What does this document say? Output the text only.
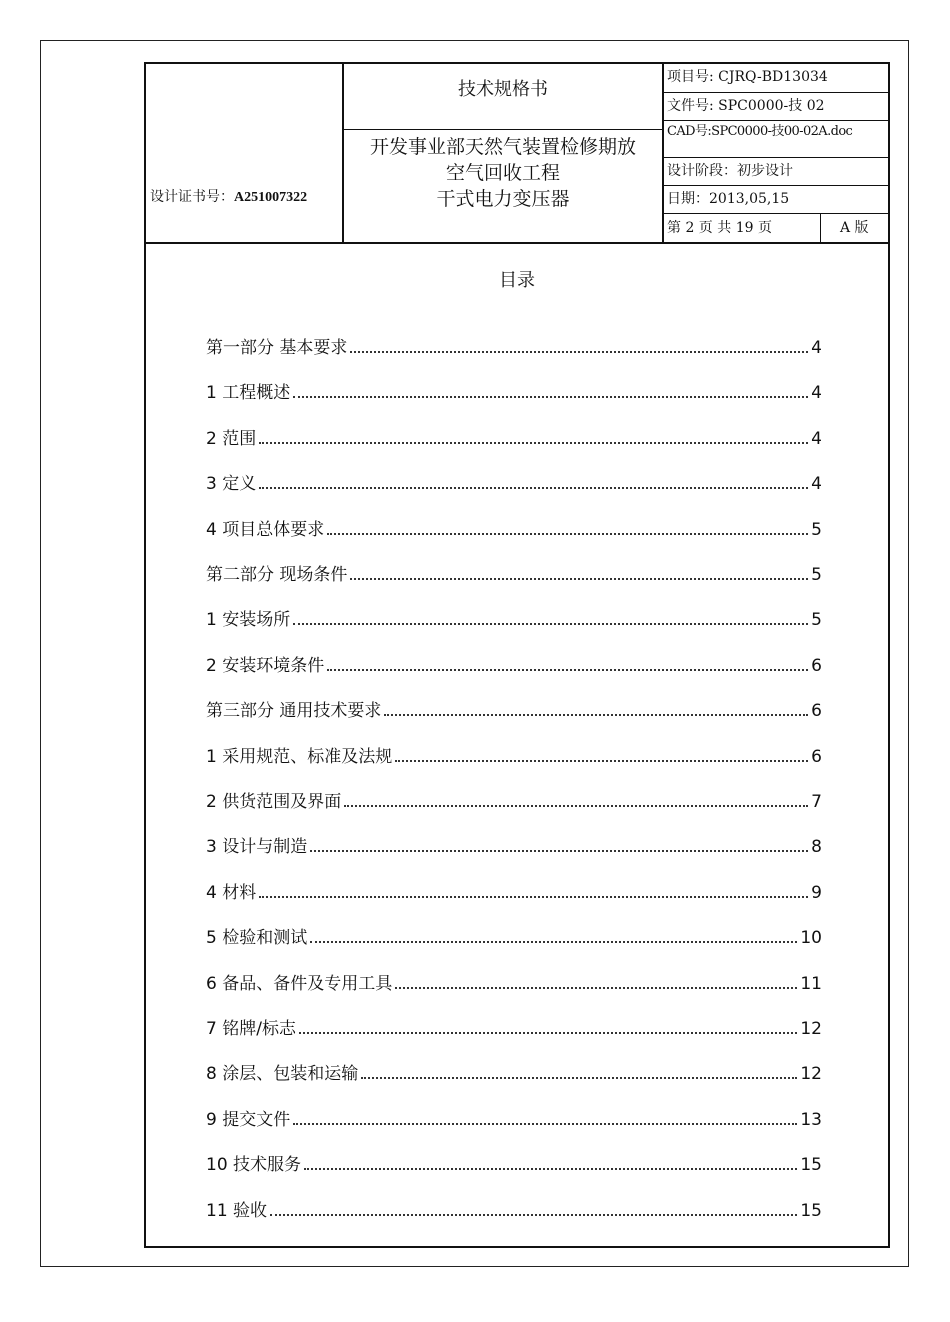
设计证书号：A251007322
技术规格书
开发事业部天然气装置检修期放
空气回收工程
干式电力变压器
项目号: CJRQ-BD13034
文件号: SPC0000-技 02
CAD号:SPC0000-技00-02A.doc
设计阶段：初步设计
日期：2013,05,15
第 2 页 共 19 页	A 版
目录
第一部分 基本要求	4
1 工程概述	4
2 范围	4
3 定义	4
4 项目总体要求	5
第二部分 现场条件	5
1 安装场所	5
2 安装环境条件	6
第三部分 通用技术要求	6
1 采用规范、标准及法规	6
2 供货范围及界面	7
3 设计与制造	8
4 材料	9
5 检验和测试	10
6 备品、备件及专用工具	11
7 铭牌/标志	12
8 涂层、包装和运输	12
9 提交文件	13
10 技术服务	15
11 验收	15
